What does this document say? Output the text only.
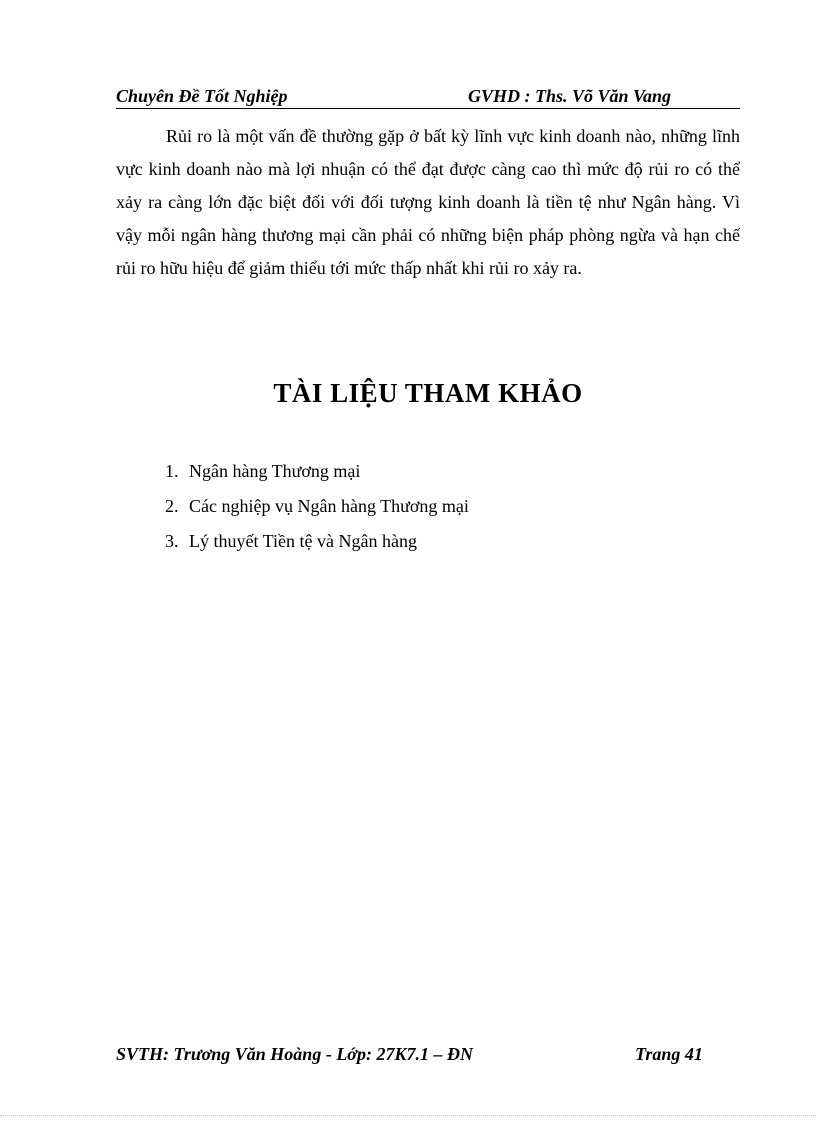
Chuyên Đề Tốt Nghiệp	GVHD : Ths. Võ Văn Vang

Rủi ro là một vấn đề thường gặp ở bất kỳ lĩnh vực kinh doanh nào, những lĩnh vực kinh doanh nào mà lợi nhuận có thể đạt được càng cao thì mức độ rủi ro có thể xảy ra càng lớn đặc biệt đối với đối tượng kinh doanh là tiền tệ như Ngân hàng. Vì vậy mỗi ngân hàng thương mại cần phải có những biện pháp phòng ngừa và hạn chế rủi ro hữu hiệu để giảm thiểu tới mức thấp nhất khi rủi ro xảy ra.

TÀI LIỆU THAM KHẢO
1. Ngân hàng Thương mại
2. Các nghiệp vụ Ngân hàng Thương mại
3. Lý thuyết Tiền tệ và Ngân hàng
SVTH: Trương Văn Hoàng - Lớp: 27K7.1 – ĐN	Trang 41
